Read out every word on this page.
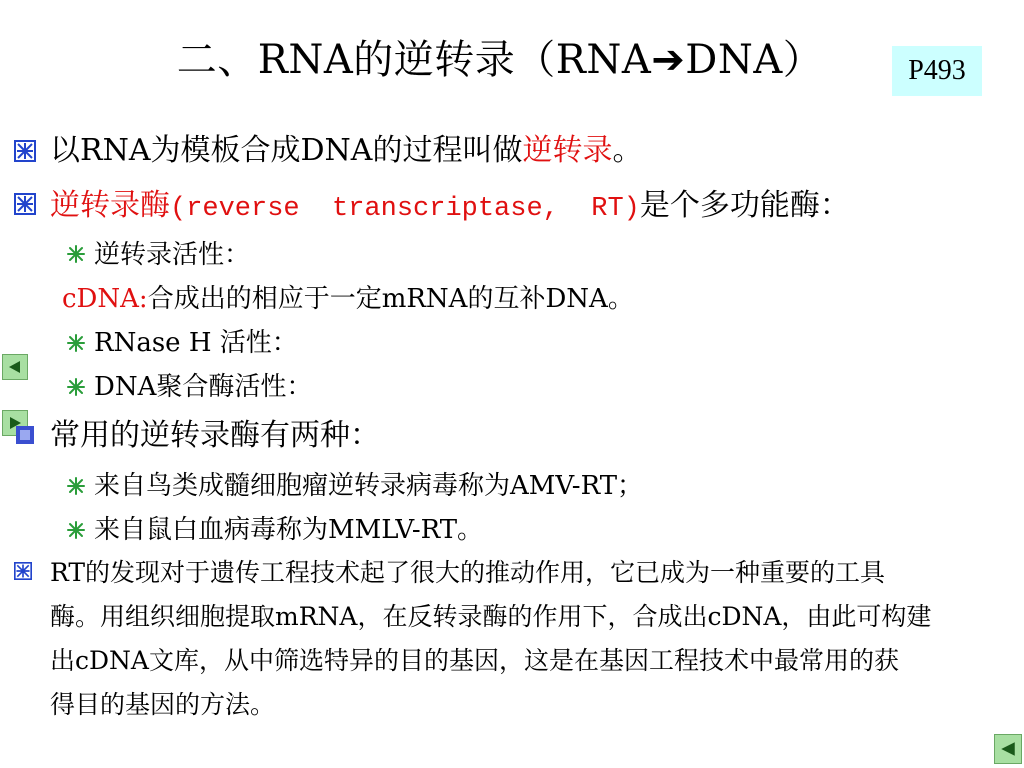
二、RNA的逆转录（RNA➔DNA）	P493
以RNA为模板合成DNA的过程叫做逆转录。
逆转录酶(reverse  transcriptase,  RT)是个多功能酶：
逆转录活性：
cDNA:合成出的相应于一定mRNA的互补DNA。
RNase H 活性：
DNA聚合酶活性：
常用的逆转录酶有两种：
来自鸟类成髓细胞瘤逆转录病毒称为AMV-RT；
来自鼠白血病毒称为MMLV-RT。
RT的发现对于遗传工程技术起了很大的推动作用，它已成为一种重要的工具
酶。用组织细胞提取mRNA，在反转录酶的作用下，合成出cDNA，由此可构建
出cDNA文库，从中筛选特异的目的基因，这是在基因工程技术中最常用的获
得目的基因的方法。
